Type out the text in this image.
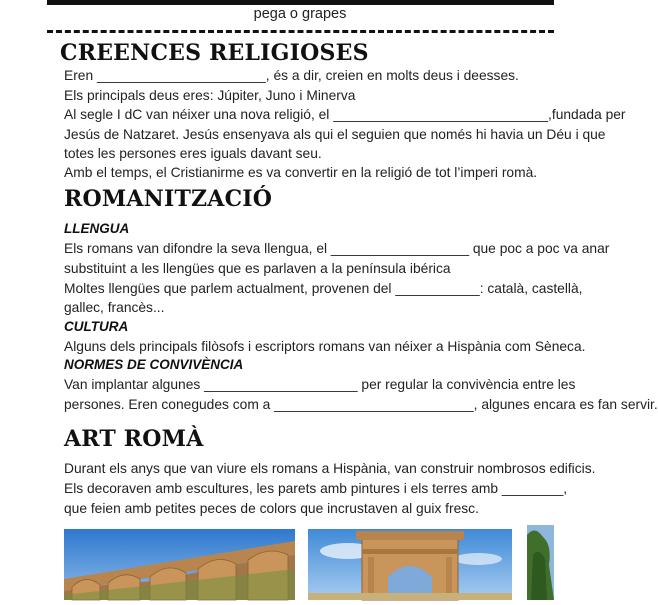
pega o grapes
CREENCES RELIGIOSES
Eren ______________________, és a dir, creien en molts deus i deesses.
Els principals deus eres: Júpiter, Juno i Minerva
Al segle I dC van néixer una nova religió, el ____________________________,fundada per
Jesús de Natzaret. Jesús ensenyava als qui el seguien que només hi havia un Déu i que
totes les persones eres iguals davant seu.
Amb el temps, el Cristianirme es va convertir en la religió de tot l’imperi romà.
ROMANITZACIÓ
LLENGUA
Els romans van difondre la seva llengua, el __________________ que poc a poc va anar
substituint a les llengües que es parlaven a la península ibérica
Moltes llengües que parlem actualment, provenen del ___________: català, castellà,
gallec, francès...
CULTURA
Alguns dels principals filòsofs i escriptors romans van néixer a Hispània com Sèneca.
NORMES DE CONVIVÈNCIA
Van implantar algunes ____________________ per regular la convivència entre les
persones. Eren conegudes com a __________________________, algunes encara es fan servir.
ART ROMÀ
Durant els anys que van viure els romans a Hispània, van construir nombrosos edificis.
Els decoraven amb escultures, les parets amb pintures i els terres amb ________,
que feien amb petites peces de colors que incrustaven al guix fresc.
